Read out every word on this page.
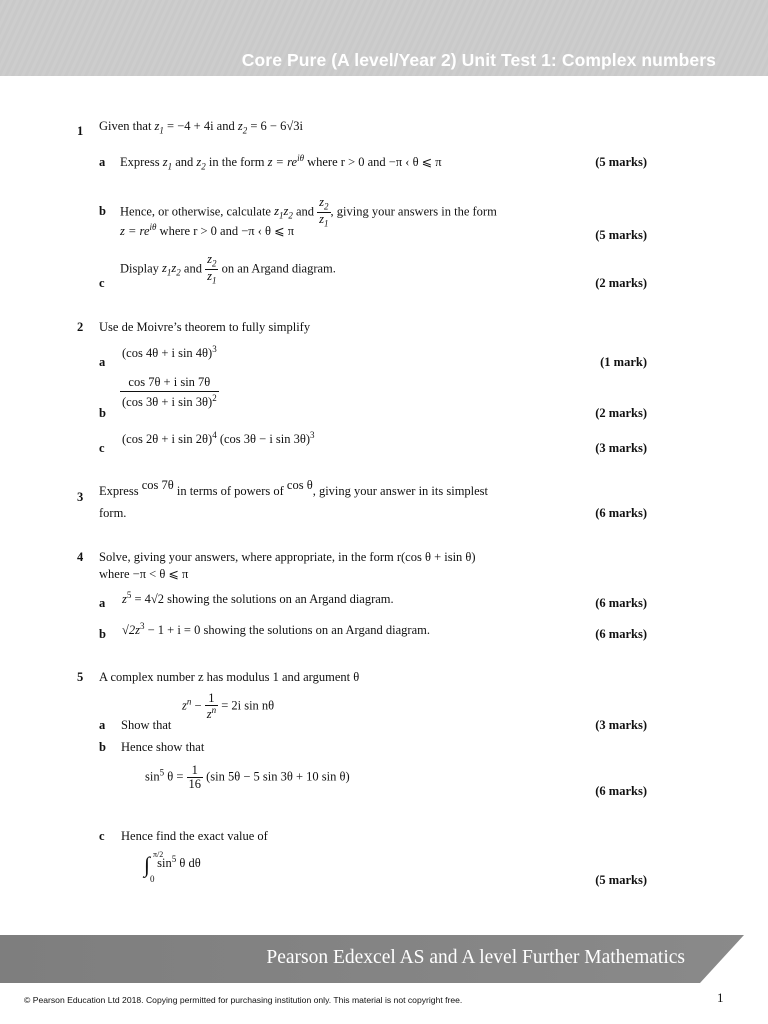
Core Pure (A level/Year 2) Unit Test 1: Complex numbers
1 Given that $z_1 = -4 + 4i$ and $z_2 = 6 - 6√3i$
a Express $z_1$ and $z_2$ in the form $z = re^{i\theta}$ where r > 0 and −π ‹ θ ⩽ π	(5 marks)
b Hence, or otherwise, calculate $z_1z_2$ and $\frac{z_2}{z_1}$ , giving your answers in the form
$z = re^{i\theta}$ where r > 0 and −π ‹ θ ⩽ π	(5 marks)
c
Display $z_1z_2$ and $\frac{z_2}{z_1}$ on an Argand diagram.
(2 marks)
2 Use de Moivre’s theorem to fully simplify
a
(cos 4θ + i sin 4θ)$^3$
(1 mark)
b
$\frac{\text{cos 7θ + i sin 7θ}}{(\cos 3\theta + i \sin 3\theta)^2}$
(2 marks)
c
(cos 2θ + i sin 2θ)$^4$ (cos 3θ − i sin 3θ)$^3$
(3 marks)
3 Express cos 7θ in terms of powers of cos θ, giving your answer in its simplest
form.	(6 marks)
4 Solve, giving your answers, where appropriate, in the form r(cos θ + isin θ)
where −π < θ ⩽ π
a $z^5 = 4√2$ showing the solutions on an Argand diagram.	(6 marks)
b $√2z^3 - 1 + i = 0$ showing the solutions on an Argand diagram.	(6 marks)
5 A complex number z has modulus 1 and argument θ
$z^n - \frac{1}{z^n} = 2i$ sin nθ
a Show that	(3 marks)
b Hence show that
$\sin^5 \theta = \frac{1}{16} (\sin$ 5θ − 5 sin 3θ + 10 sin θ)
(6 marks)
c Hence find the exact value of
∫ π/2
0
$\sin^5 \theta$ dθ
(5 marks)
Pearson Edexcel AS and A level Further Mathematics
© Pearson Education Ltd 2018. Copying permitted for purchasing institution only. This material is not copyright free.	1
